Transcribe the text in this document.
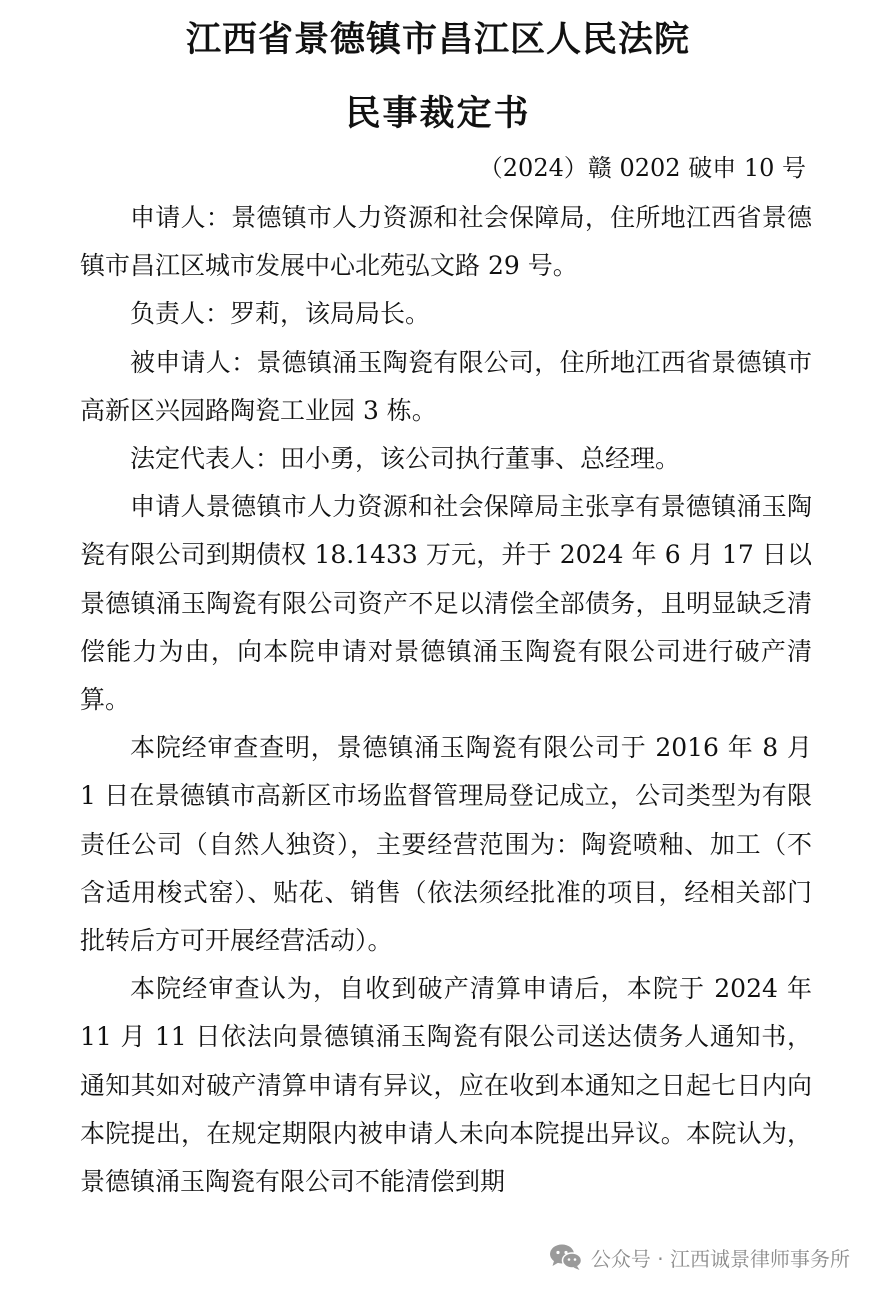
江西省景德镇市昌江区人民法院
民事裁定书
（2024）赣 0202 破申 10 号

申请人：景德镇市人力资源和社会保障局，住所地江西省景德镇市昌江区城市发展中心北苑弘文路 29 号。

负责人：罗莉，该局局长。

被申请人：景德镇涌玉陶瓷有限公司，住所地江西省景德镇市高新区兴园路陶瓷工业园 3 栋。

法定代表人：田小勇，该公司执行董事、总经理。

申请人景德镇市人力资源和社会保障局主张享有景德镇涌玉陶瓷有限公司到期债权 18.1433 万元，并于 2024 年 6 月 17 日以景德镇涌玉陶瓷有限公司资产不足以清偿全部债务，且明显缺乏清偿能力为由，向本院申请对景德镇涌玉陶瓷有限公司进行破产清算。

本院经审查查明，景德镇涌玉陶瓷有限公司于 2016 年 8 月 1 日在景德镇市高新区市场监督管理局登记成立，公司类型为有限责任公司（自然人独资），主要经营范围为：陶瓷喷釉、加工（不含适用梭式窑）、贴花、销售（依法须经批准的项目，经相关部门批转后方可开展经营活动）。

本院经审查认为，自收到破产清算申请后，本院于 2024 年 11 月 11 日依法向景德镇涌玉陶瓷有限公司送达债务人通知书，通知其如对破产清算申请有异议，应在收到本通知之日起七日内向本院提出，在规定期限内被申请人未向本院提出异议。本院认为，景德镇涌玉陶瓷有限公司不能清偿到期

公众号 · 江西诚景律师事务所
